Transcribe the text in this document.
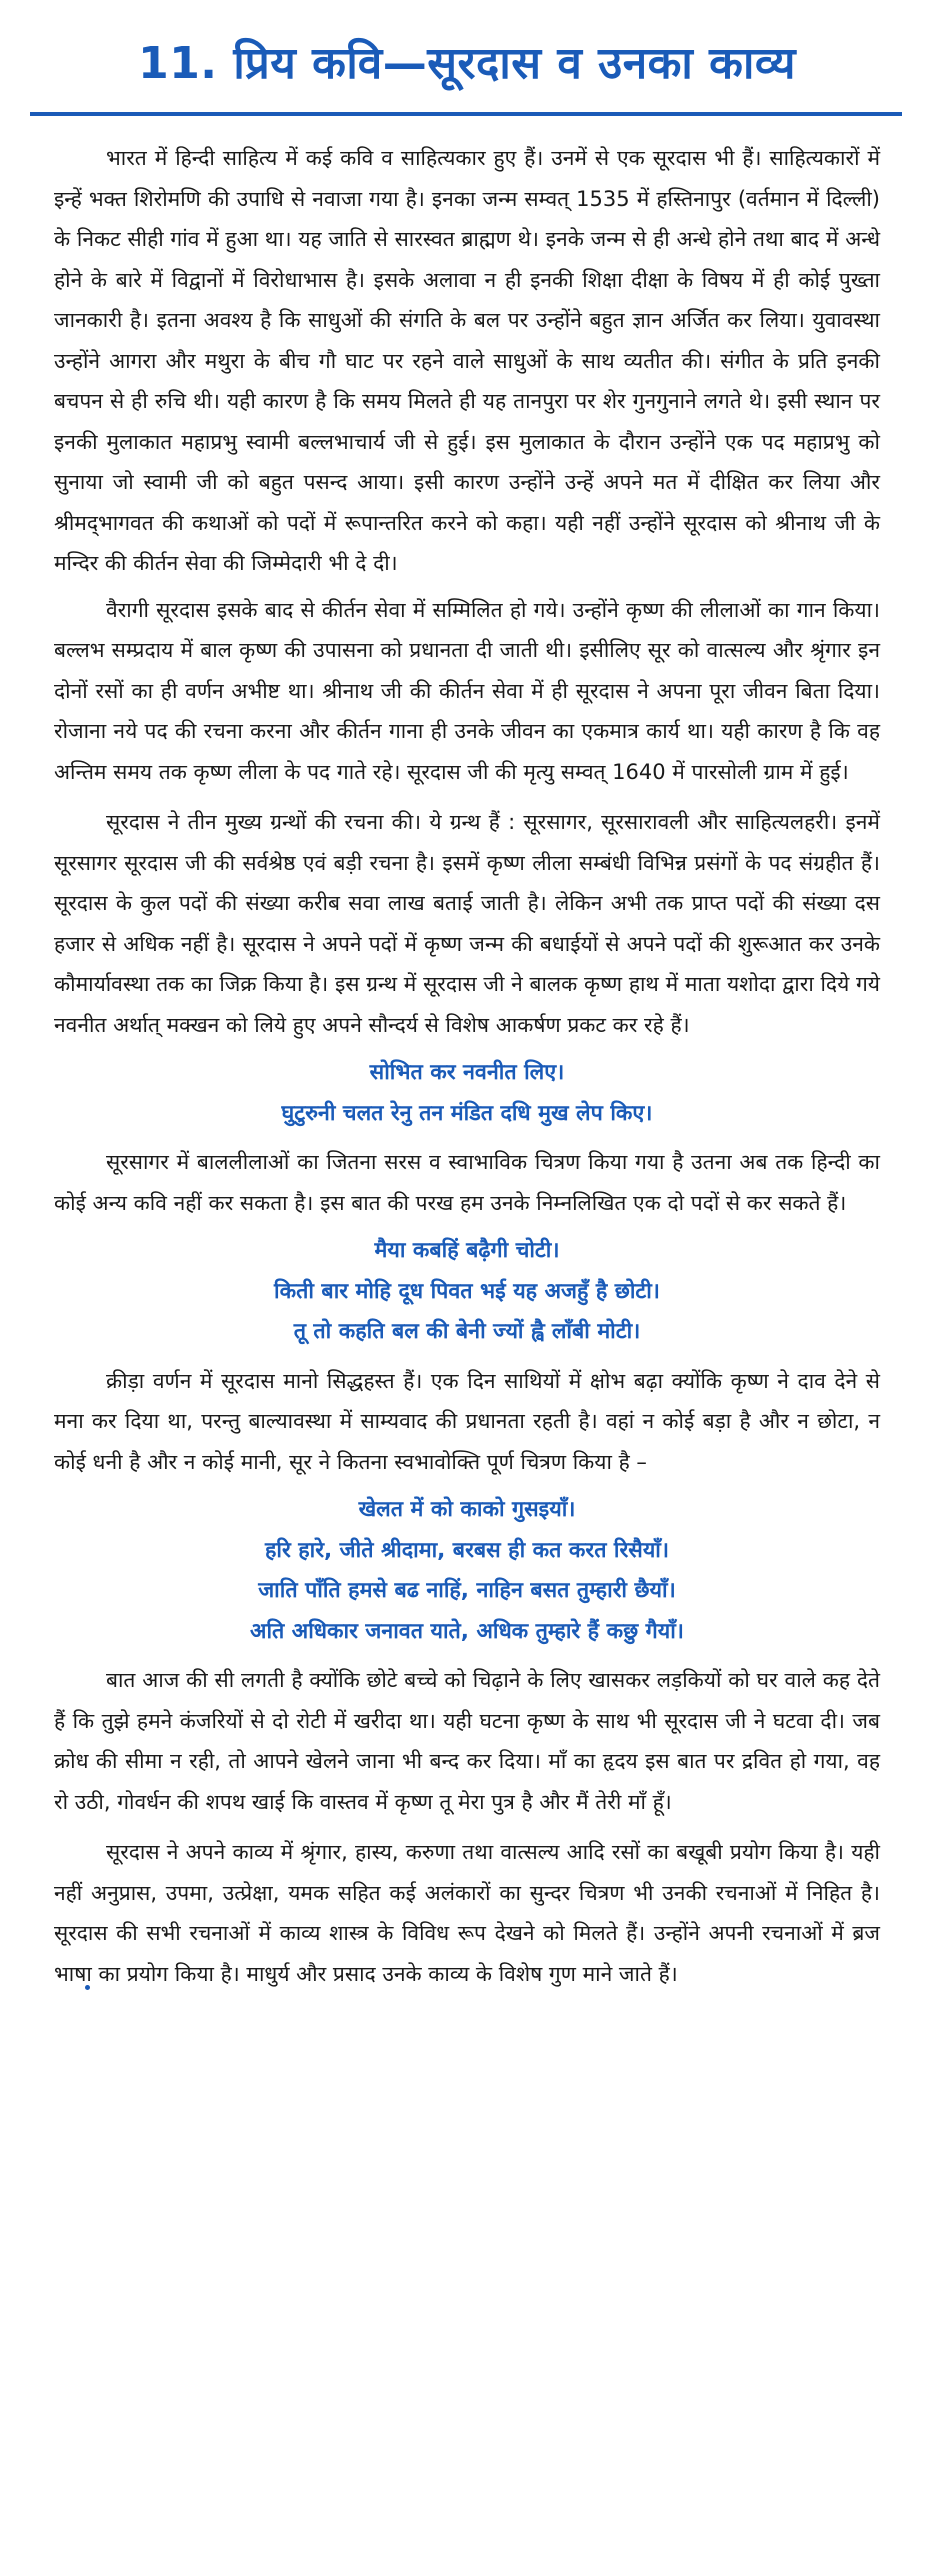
11. प्रिय कवि—सूरदास व उनका काव्य

भारत में हिन्दी साहित्य में कई कवि व साहित्यकार हुए हैं। उनमें से एक सूरदास भी हैं। साहित्यकारों में इन्हें भक्त शिरोमणि की उपाधि से नवाजा गया है। इनका जन्म सम्वत् 1535 में हस्तिनापुर (वर्तमान में दिल्ली) के निकट सीही गांव में हुआ था। यह जाति से सारस्वत ब्राह्मण थे। इनके जन्म से ही अन्धे होने तथा बाद में अन्धे होने के बारे में विद्वानों में विरोधाभास है। इसके अलावा न ही इनकी शिक्षा दीक्षा के विषय में ही कोई पुख्ता जानकारी है। इतना अवश्य है कि साधुओं की संगति के बल पर उन्होंने बहुत ज्ञान अर्जित कर लिया। युवावस्था उन्होंने आगरा और मथुरा के बीच गौ घाट पर रहने वाले साधुओं के साथ व्यतीत की। संगीत के प्रति इनकी बचपन से ही रुचि थी। यही कारण है कि समय मिलते ही यह तानपुरा पर शेर गुनगुनाने लगते थे। इसी स्थान पर इनकी मुलाकात महाप्रभु स्वामी बल्लभाचार्य जी से हुई। इस मुलाकात के दौरान उन्होंने एक पद महाप्रभु को सुनाया जो स्वामी जी को बहुत पसन्द आया। इसी कारण उन्होंने उन्हें अपने मत में दीक्षित कर लिया और श्रीमद्‌भागवत की कथाओं को पदों में रूपान्तरित करने को कहा। यही नहीं उन्होंने सूरदास को श्रीनाथ जी के मन्दिर की कीर्तन सेवा की जिम्मेदारी भी दे दी।

वैरागी सूरदास इसके बाद से कीर्तन सेवा में सम्मिलित हो गये। उन्होंने कृष्ण की लीलाओं का गान किया। बल्लभ सम्प्रदाय में बाल कृष्ण की उपासना को प्रधानता दी जाती थी। इसीलिए सूर को वात्सल्य और श्रृंगार इन दोनों रसों का ही वर्णन अभीष्ट था। श्रीनाथ जी की कीर्तन सेवा में ही सूरदास ने अपना पूरा जीवन बिता दिया। रोजाना नये पद की रचना करना और कीर्तन गाना ही उनके जीवन का एकमात्र कार्य था। यही कारण है कि वह अन्तिम समय तक कृष्ण लीला के पद गाते रहे। सूरदास जी की मृत्यु सम्वत् 1640 में पारसोली ग्राम में हुई।

सूरदास ने तीन मुख्य ग्रन्थों की रचना की। ये ग्रन्थ हैं : सूरसागर, सूरसारावली और साहित्यलहरी। इनमें सूरसागर सूरदास जी की सर्वश्रेष्ठ एवं बड़ी रचना है। इसमें कृष्ण लीला सम्बंधी विभिन्न प्रसंगों के पद संग्रहीत हैं। सूरदास के कुल पदों की संख्या करीब सवा लाख बताई जाती है। लेकिन अभी तक प्राप्त पदों की संख्या दस हजार से अधिक नहीं है। सूरदास ने अपने पदों में कृष्ण जन्म की बधाईयों से अपने पदों की शुरूआत कर उनके कौमार्यावस्था तक का जिक्र किया है। इस ग्रन्थ में सूरदास जी ने बालक कृष्ण हाथ में माता यशोदा द्वारा दिये गये नवनीत अर्थात् मक्खन को लिये हुए अपने सौन्दर्य से विशेष आकर्षण प्रकट कर रहे हैं।

सोभित कर नवनीत लिए।
घुटुरुनी चलत रेनु तन मंडित दधि मुख लेप किए।

सूरसागर में बाललीलाओं का जितना सरस व स्वाभाविक चित्रण किया गया है उतना अब तक हिन्दी का कोई अन्य कवि नहीं कर सकता है। इस बात की परख हम उनके निम्नलिखित एक दो पदों से कर सकते हैं।

मैया कबहिं बढ़ैगी चोटी।
किती बार मोहि दूध पिवत भई यह अजहुँ है छोटी।
तू तो कहति बल की बेनी ज्यों ह्वै लाँबी मोटी।

क्रीड़ा वर्णन में सूरदास मानो सिद्धहस्त हैं। एक दिन साथियों में क्षोभ बढ़ा क्योंकि कृष्ण ने दाव देने से मना कर दिया था, परन्तु बाल्यावस्था में साम्यवाद की प्रधानता रहती है। वहां न कोई बड़ा है और न छोटा, न कोई धनी है और न कोई मानी, सूर ने कितना स्वभावोक्ति पूर्ण चित्रण किया है –

खेलत में को काको गुसइयाँ।
हरि हारे, जीते श्रीदामा, बरबस ही कत करत रिसैयाँ।
जाति पाँति हमसे बढ नाहिं, नाहिन बसत तुम्हारी छैयाँ।
अति अधिकार जनावत याते, अधिक तुम्हारे हैं कछु गैयाँ।

बात आज की सी लगती है क्योंकि छोटे बच्चे को चिढ़ाने के लिए खासकर लड़कियों को घर वाले कह देते हैं कि तुझे हमने कंजरियों से दो रोटी में खरीदा था। यही घटना कृष्ण के साथ भी सूरदास जी ने घटवा दी। जब क्रोध की सीमा न रही, तो आपने खेलने जाना भी बन्द कर दिया। माँ का हृदय इस बात पर द्रवित हो गया, वह रो उठी, गोवर्धन की शपथ खाई कि वास्तव में कृष्ण तू मेरा पुत्र है और मैं तेरी माँ हूँ।

सूरदास ने अपने काव्य में श्रृंगार, हास्य, करुणा तथा वात्सल्य आदि रसों का बखूबी प्रयोग किया है। यही नहीं अनुप्रास, उपमा, उत्प्रेक्षा, यमक सहित कई अलंकारों का सुन्दर चित्रण भी उनकी रचनाओं में निहित है। सूरदास की सभी रचनाओं में काव्य शास्त्र के विविध रूप देखने को मिलते हैं। उन्होंने अपनी रचनाओं में ब्रज भाषा का प्रयोग किया है। माधुर्य और प्रसाद उनके काव्य के विशेष गुण माने जाते हैं।
